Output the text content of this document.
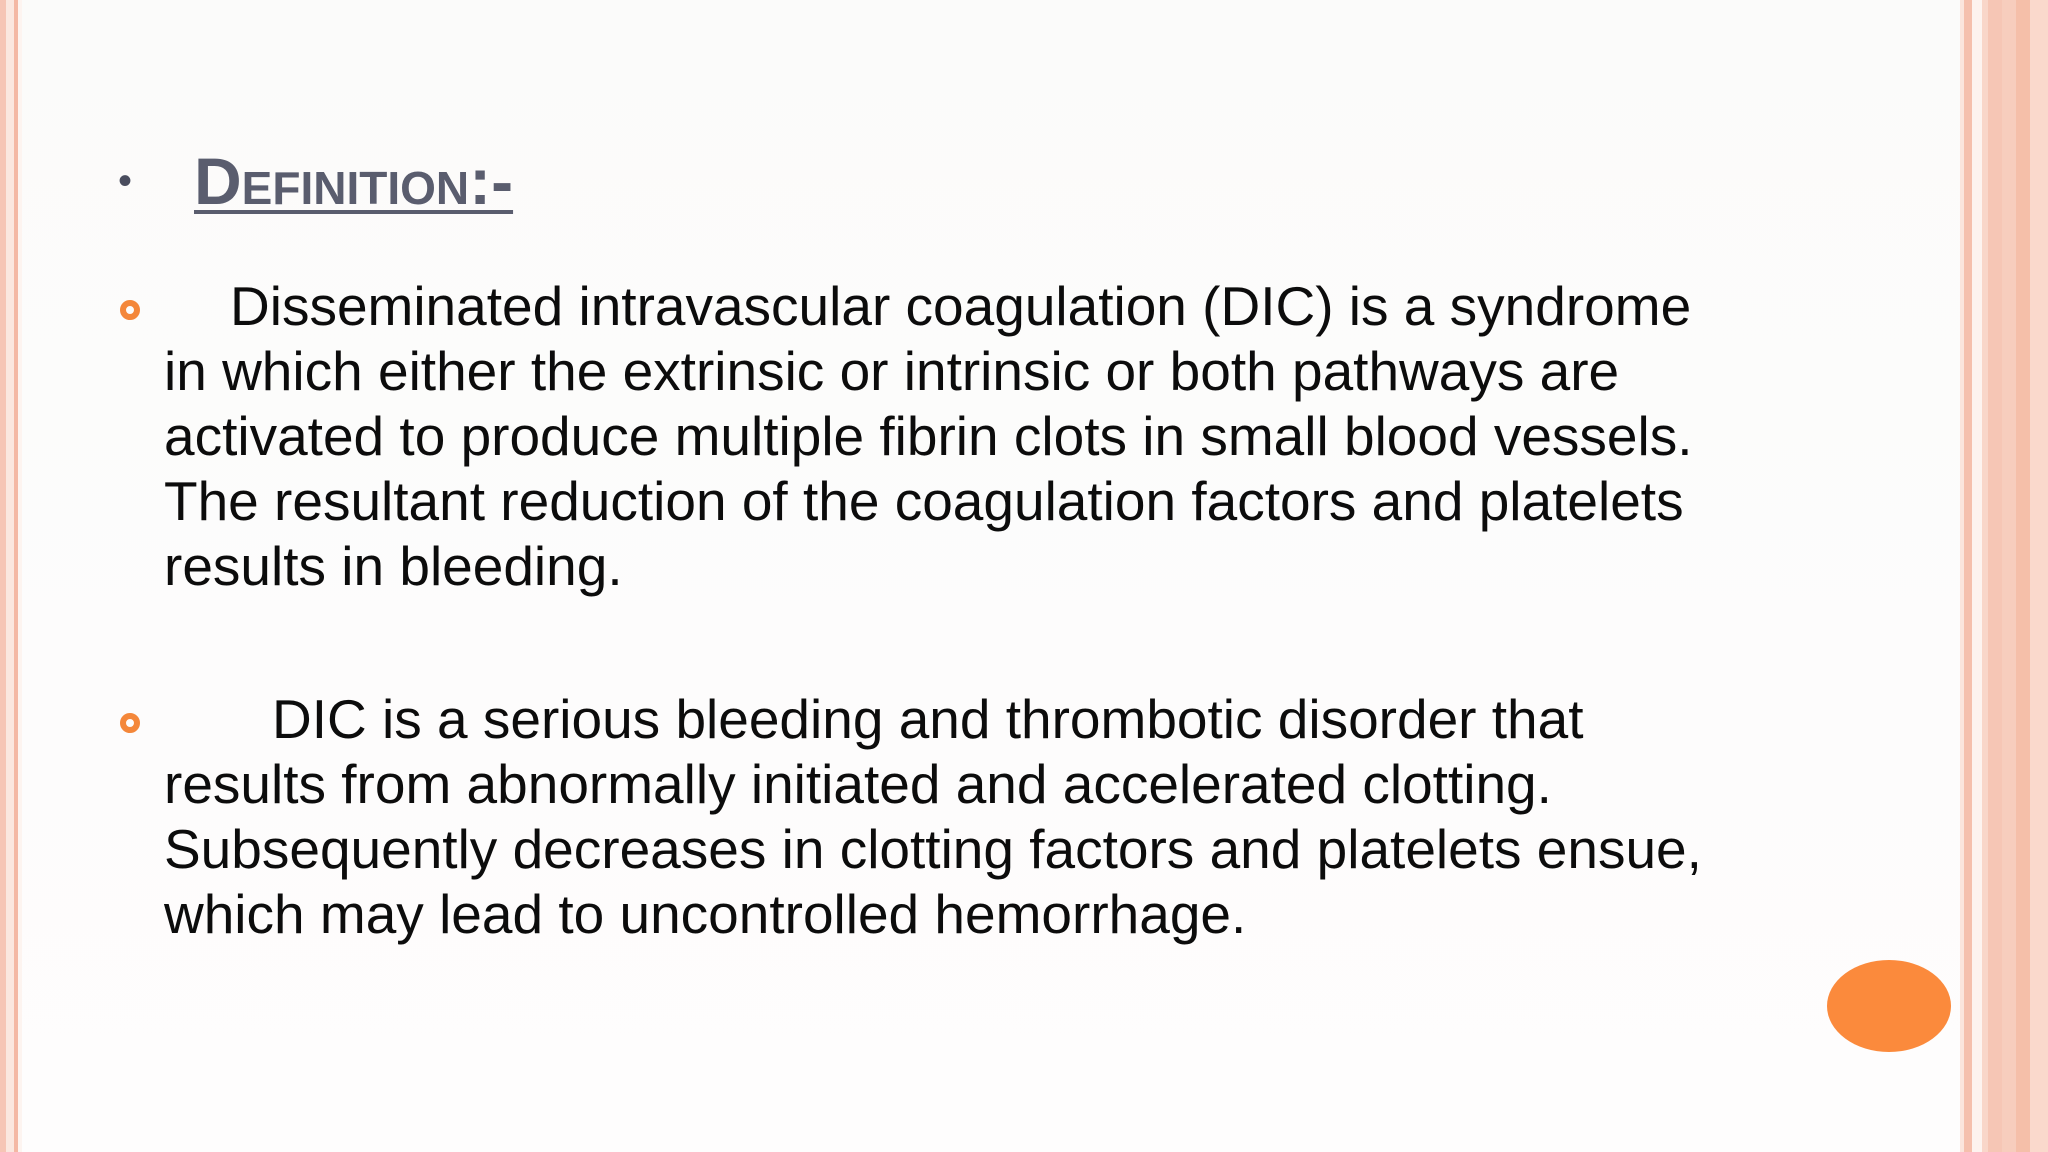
• Definition:-
Disseminated intravascular coagulation (DIC) is a syndrome in which either the extrinsic or intrinsic or both pathways are activated to produce multiple fibrin clots in small blood vessels. The resultant reduction of the coagulation factors and platelets results in bleeding.
DIC is a serious bleeding and thrombotic disorder that results from abnormally initiated and accelerated clotting. Subsequently decreases in clotting factors and platelets ensue, which may lead to uncontrolled hemorrhage.
